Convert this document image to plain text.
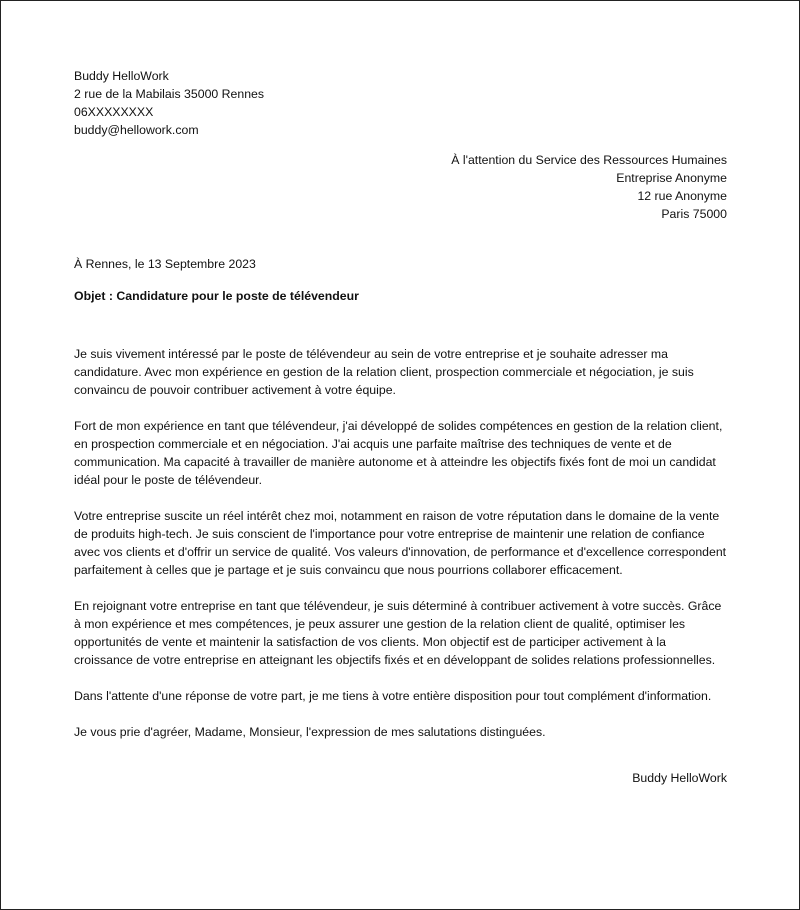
Buddy HelloWork
2 rue de la Mabilais 35000 Rennes
06XXXXXXXX
buddy@hellowork.com
À l'attention du Service des Ressources Humaines
Entreprise Anonyme
12 rue Anonyme
Paris 75000
À Rennes, le 13 Septembre 2023
Objet : Candidature pour le poste de télévendeur

Je suis vivement intéressé par le poste de télévendeur au sein de votre entreprise et je souhaite adresser ma candidature. Avec mon expérience en gestion de la relation client, prospection commerciale et négociation, je suis convaincu de pouvoir contribuer activement à votre équipe.

Fort de mon expérience en tant que télévendeur, j'ai développé de solides compétences en gestion de la relation client, en prospection commerciale et en négociation. J'ai acquis une parfaite maîtrise des techniques de vente et de communication. Ma capacité à travailler de manière autonome et à atteindre les objectifs fixés font de moi un candidat idéal pour le poste de télévendeur.

Votre entreprise suscite un réel intérêt chez moi, notamment en raison de votre réputation dans le domaine de la vente de produits high-tech. Je suis conscient de l'importance pour votre entreprise de maintenir une relation de confiance avec vos clients et d'offrir un service de qualité. Vos valeurs d'innovation, de performance et d'excellence correspondent parfaitement à celles que je partage et je suis convaincu que nous pourrions collaborer efficacement.

En rejoignant votre entreprise en tant que télévendeur, je suis déterminé à contribuer activement à votre succès. Grâce à mon expérience et mes compétences, je peux assurer une gestion de la relation client de qualité, optimiser les opportunités de vente et maintenir la satisfaction de vos clients. Mon objectif est de participer activement à la croissance de votre entreprise en atteignant les objectifs fixés et en développant de solides relations professionnelles.

Dans l'attente d'une réponse de votre part, je me tiens à votre entière disposition pour tout complément d'information.

Je vous prie d'agréer, Madame, Monsieur, l'expression de mes salutations distinguées.

Buddy HelloWork
